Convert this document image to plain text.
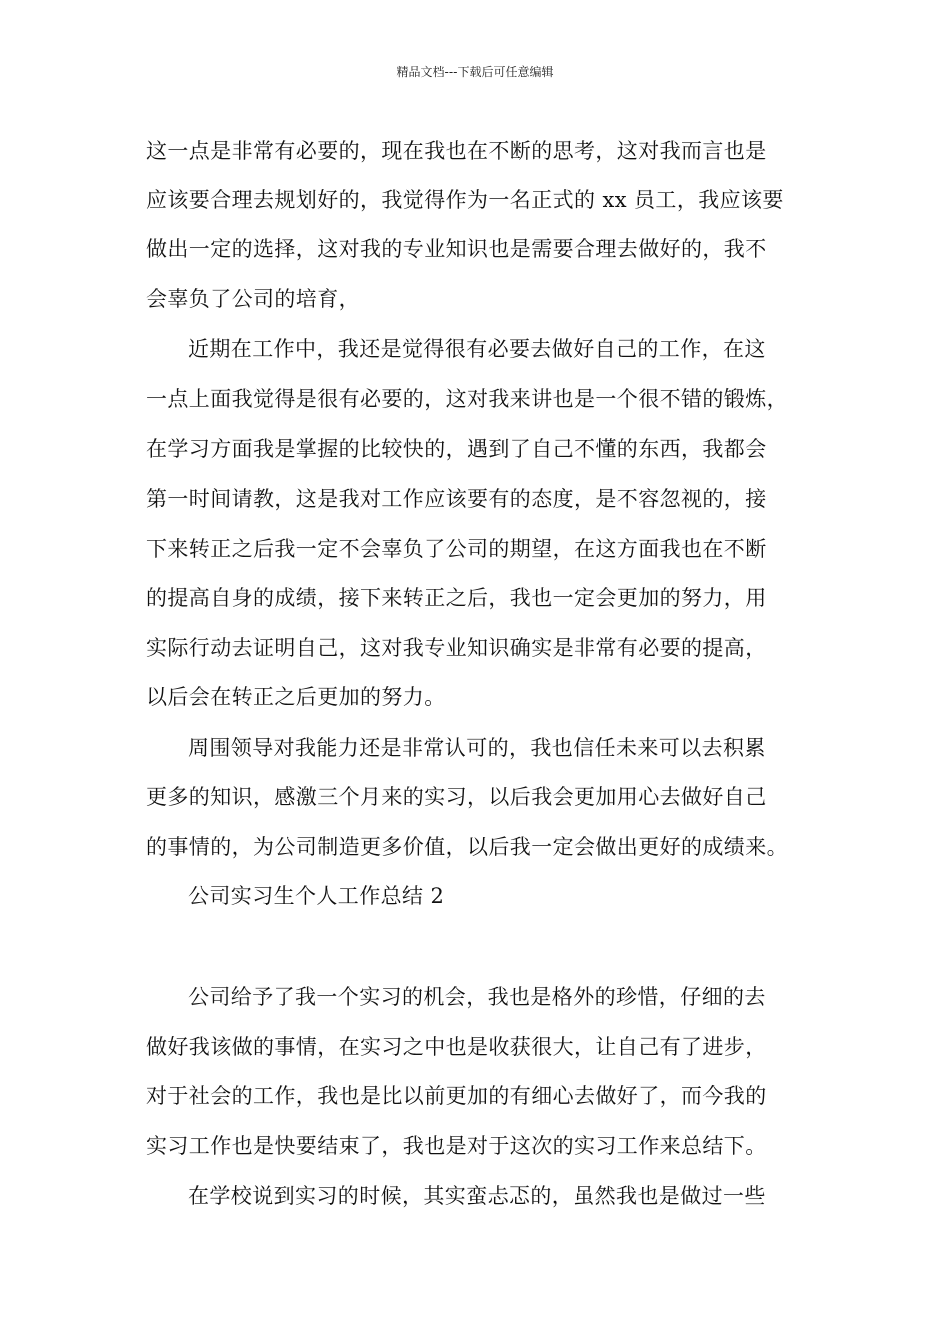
精品文档---下载后可任意编辑
这一点是非常有必要的，现在我也在不断的思考，这对我而言也是
应该要合理去规划好的，我觉得作为一名正式的 xx 员工，我应该要
做出一定的选择，这对我的专业知识也是需要合理去做好的，我不
会辜负了公司的培育，
近期在工作中，我还是觉得很有必要去做好自己的工作，在这
一点上面我觉得是很有必要的，这对我来讲也是一个很不错的锻炼，
在学习方面我是掌握的比较快的，遇到了自己不懂的东西，我都会
第一时间请教，这是我对工作应该要有的态度，是不容忽视的，接
下来转正之后我一定不会辜负了公司的期望，在这方面我也在不断
的提高自身的成绩，接下来转正之后，我也一定会更加的努力，用
实际行动去证明自己，这对我专业知识确实是非常有必要的提高，
以后会在转正之后更加的努力。
周围领导对我能力还是非常认可的，我也信任未来可以去积累
更多的知识，感激三个月来的实习，以后我会更加用心去做好自己
的事情的，为公司制造更多价值，以后我一定会做出更好的成绩来。
公司实习生个人工作总结 2
公司给予了我一个实习的机会，我也是格外的珍惜，仔细的去
做好我该做的事情，在实习之中也是收获很大，让自己有了进步，
对于社会的工作，我也是比以前更加的有细心去做好了，而今我的
实习工作也是快要结束了，我也是对于这次的实习工作来总结下。
在学校说到实习的时候，其实蛮忐忑的，虽然我也是做过一些
